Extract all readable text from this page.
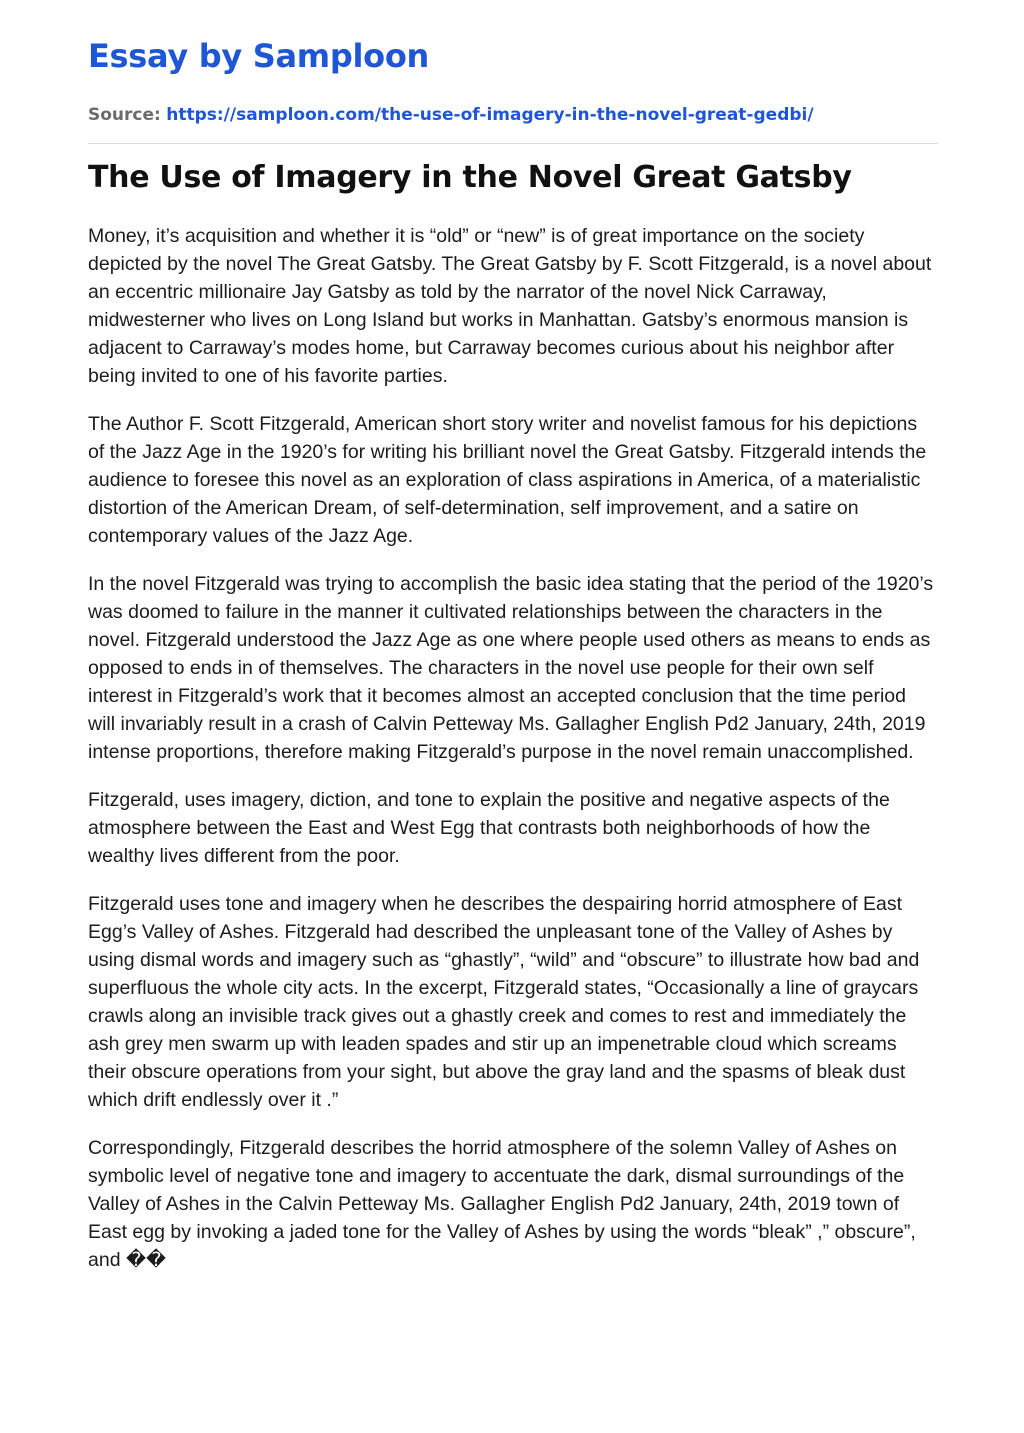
Essay by Samploon
Source: https://samploon.com/the-use-of-imagery-in-the-novel-great-gedbi/
The Use of Imagery in the Novel Great Gatsby

Money, it’s acquisition and whether it is “old” or “new” is of great importance on the society depicted by the novel The Great Gatsby. The Great Gatsby by F. Scott Fitzgerald, is a novel about an eccentric millionaire Jay Gatsby as told by the narrator of the novel Nick Carraway, midwesterner who lives on Long Island but works in Manhattan. Gatsby’s enormous mansion is adjacent to Carraway’s modes home, but Carraway becomes curious about his neighbor after being invited to one of his favorite parties.

The Author F. Scott Fitzgerald, American short story writer and novelist famous for his depictions of the Jazz Age in the 1920’s for writing his brilliant novel the Great Gatsby. Fitzgerald intends the audience to foresee this novel as an exploration of class aspirations in America, of a materialistic distortion of the American Dream, of self-determination, self improvement, and a satire on contemporary values of the Jazz Age.

In the novel Fitzgerald was trying to accomplish the basic idea stating that the period of the 1920’s was doomed to failure in the manner it cultivated relationships between the characters in the novel. Fitzgerald understood the Jazz Age as one where people used others as means to ends as opposed to ends in of themselves. The characters in the novel use people for their own self interest in Fitzgerald’s work that it becomes almost an accepted conclusion that the time period will invariably result in a crash of Calvin Petteway Ms. Gallagher English Pd2 January, 24th, 2019 intense proportions, therefore making Fitzgerald’s purpose in the novel remain unaccomplished.

Fitzgerald, uses imagery, diction, and tone to explain the positive and negative aspects of the atmosphere between the East and West Egg that contrasts both neighborhoods of how the wealthy lives different from the poor.

Fitzgerald uses tone and imagery when he describes the despairing horrid atmosphere of East Egg’s Valley of Ashes. Fitzgerald had described the unpleasant tone of the Valley of Ashes by using dismal words and imagery such as “ghastly”, “wild” and “obscure” to illustrate how bad and superfluous the whole city acts. In the excerpt, Fitzgerald states, “Occasionally a line of graycars crawls along an invisible track gives out a ghastly creek and comes to rest and immediately the ash grey men swarm up with leaden spades and stir up an impenetrable cloud which screams their obscure operations from your sight, but above the gray land and the spasms of bleak dust which drift endlessly over it .”

Correspondingly, Fitzgerald describes the horrid atmosphere of the solemn Valley of Ashes on symbolic level of negative tone and imagery to accentuate the dark, dismal surroundings of the Valley of Ashes in the Calvin Petteway Ms. Gallagher English Pd2 January, 24th, 2019 town of East egg by invoking a jaded tone for the Valley of Ashes by using the words “bleak” ,” obscure”, and ��
